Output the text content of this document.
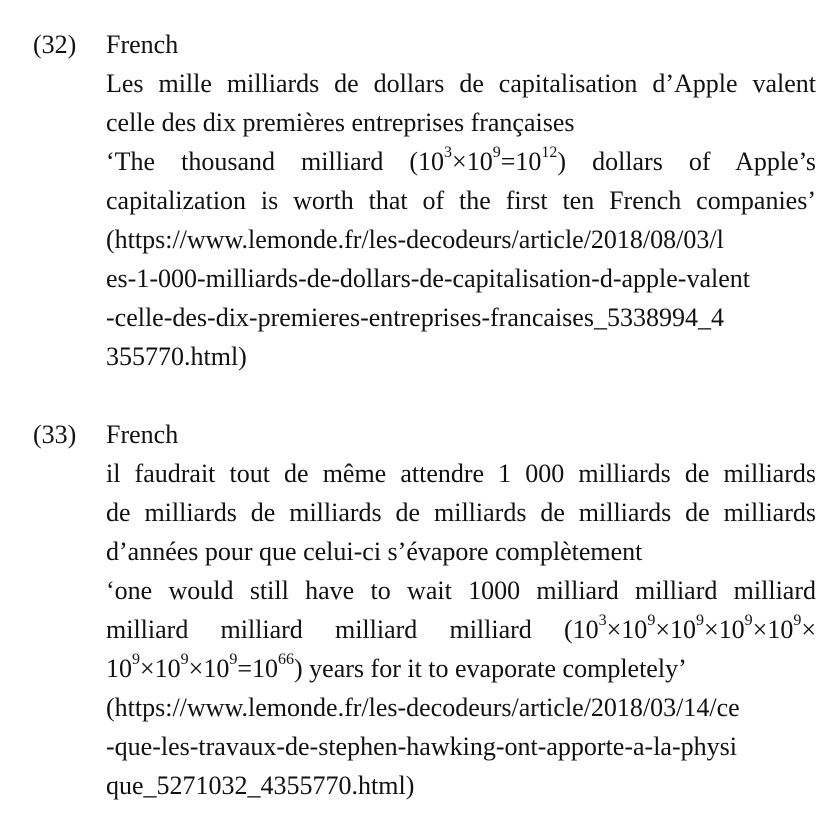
(32) French
Les mille milliards de dollars de capitalisation d’Apple valent
celle des dix premières entreprises françaises
‘The thousand milliard $(10^3\times 10^9=10^{12})$ dollars of Apple’s
capitalization is worth that of the first ten French companies’
(https://www.lemonde.fr/les-decodeurs/article/2018/08/03/l
es-1-000-milliards-de-dollars-de-capitalisation-d-apple-valent
-celle-des-dix-premieres-entreprises-francaises_5338994_4
355770.html)
(33) French
il faudrait tout de même attendre 1 000 milliards de milliards
de milliards de milliards de milliards de milliards de milliards
d’années pour que celui-ci s’évapore complètement
‘one would still have to wait 1000 milliard milliard milliard
milliard milliard milliard milliard ($10^3\times 10^9\times 10^9\times 10^9\times 10^9\times$
$10^9\times 10^9\times 10^9=10^{66}$) years for it to evaporate completely’
(https://www.lemonde.fr/les-decodeurs/article/2018/03/14/ce
-que-les-travaux-de-stephen-hawking-ont-apporte-a-la-physi
que_5271032_4355770.html)
